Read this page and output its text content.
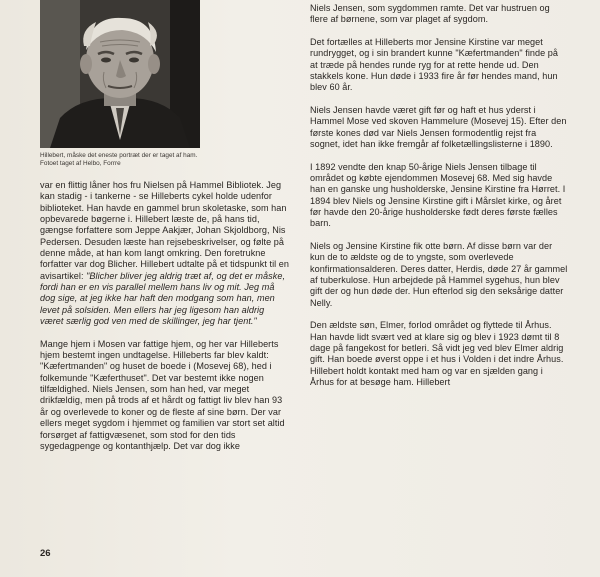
Hillebert, måske det eneste portræt der er taget af ham. Fotoet taget af Helbo, Forrre

var en flittig låner hos fru Nielsen på Hammel Bibliotek. Jeg kan stadig - i tankerne - se Hilleberts cykel holde udenfor biblioteket. Han havde en gammel brun skoletaske, som han opbevarede bøgerne i. Hillebert læste de, på hans tid, gængse forfattere som Jeppe Aakjær, Johan Skjoldborg, Nis Pedersen. Desuden læste han rejsebeskrivelser, og følte på denne måde, at han kom langt omkring. Den foretrukne forfatter var dog Blicher. Hillebert udtalte på et tidspunkt til en avisartikel: "Blicher bliver jeg aldrig træt af, og det er måske, fordi han er en vis parallel mellem hans liv og mit. Jeg må dog sige, at jeg ikke har haft den modgang som han, men levet på solsiden. Men ellers har jeg ligesom han aldrig været særlig god ven med de skillinger, jeg har tjent."

Mange hjem i Mosen var fattige hjem, og her var Hilleberts hjem bestemt ingen undtagelse. Hilleberts far blev kaldt: "Kæfertmanden" og huset de boede i (Mosevej 68), hed i folkemunde "Kæferthuset". Det var bestemt ikke nogen tilfældighed. Niels Jensen, som han hed, var meget drikfældig, men på trods af et hårdt og fattigt liv blev han 93 år og overlevede to koner og de fleste af sine børn. Der var ellers meget sygdom i hjemmet og familien var stort set altid forsørget af fattigvæsenet, som stod for den tids sygedagpenge og kontanthjælp. Det var dog ikke

Niels Jensen, som sygdommen ramte. Det var hustruen og flere af børnene, som var plaget af sygdom.

Det fortælles at Hilleberts mor Jensine Kirstine var meget rundrygget, og i sin brandert kunne "Kæfertmanden" finde på at træde på hendes runde ryg for at rette hende ud. Den stakkels kone. Hun døde i 1933 fire år før hendes mand, hun blev 60 år.

Niels Jensen havde været gift før og haft et hus yderst i Hammel Mose ved skoven Hammelure (Mosevej 15). Efter den første kones død var Niels Jensen formodentlig rejst fra sognet, idet han ikke fremgår af folketællingslisterne i 1890.

I 1892 vendte den knap 50-årige Niels Jensen tilbage til området og købte ejendommen Mosevej 68. Med sig havde han en ganske ung husholderske, Jensine Kirstine fra Hørret. I 1894 blev Niels og Jensine Kirstine gift i Mårslet kirke, og året før havde den 20-årige husholderske født deres første fælles barn.

Niels og Jensine Kirstine fik otte børn. Af disse børn var der kun de to ældste og de to yngste, som overlevede konfirmationsalderen. Deres datter, Herdis, døde 27 år gammel af tuberkulose. Hun arbejdede på Hammel sygehus, hun blev gift der og hun døde der. Hun efterlod sig den seksårige datter Nelly.

Den ældste søn, Elmer, forlod området og flyttede til Århus. Han havde lidt svært ved at klare sig og blev i 1923 dømt til 8 dage på fangekost for betleri. Så vidt jeg ved blev Elmer aldrig gift. Han boede øverst oppe i et hus i Volden i det indre Århus. Hillebert holdt kontakt med ham og var en sjælden gang i Århus for at besøge ham. Hillebert

26
